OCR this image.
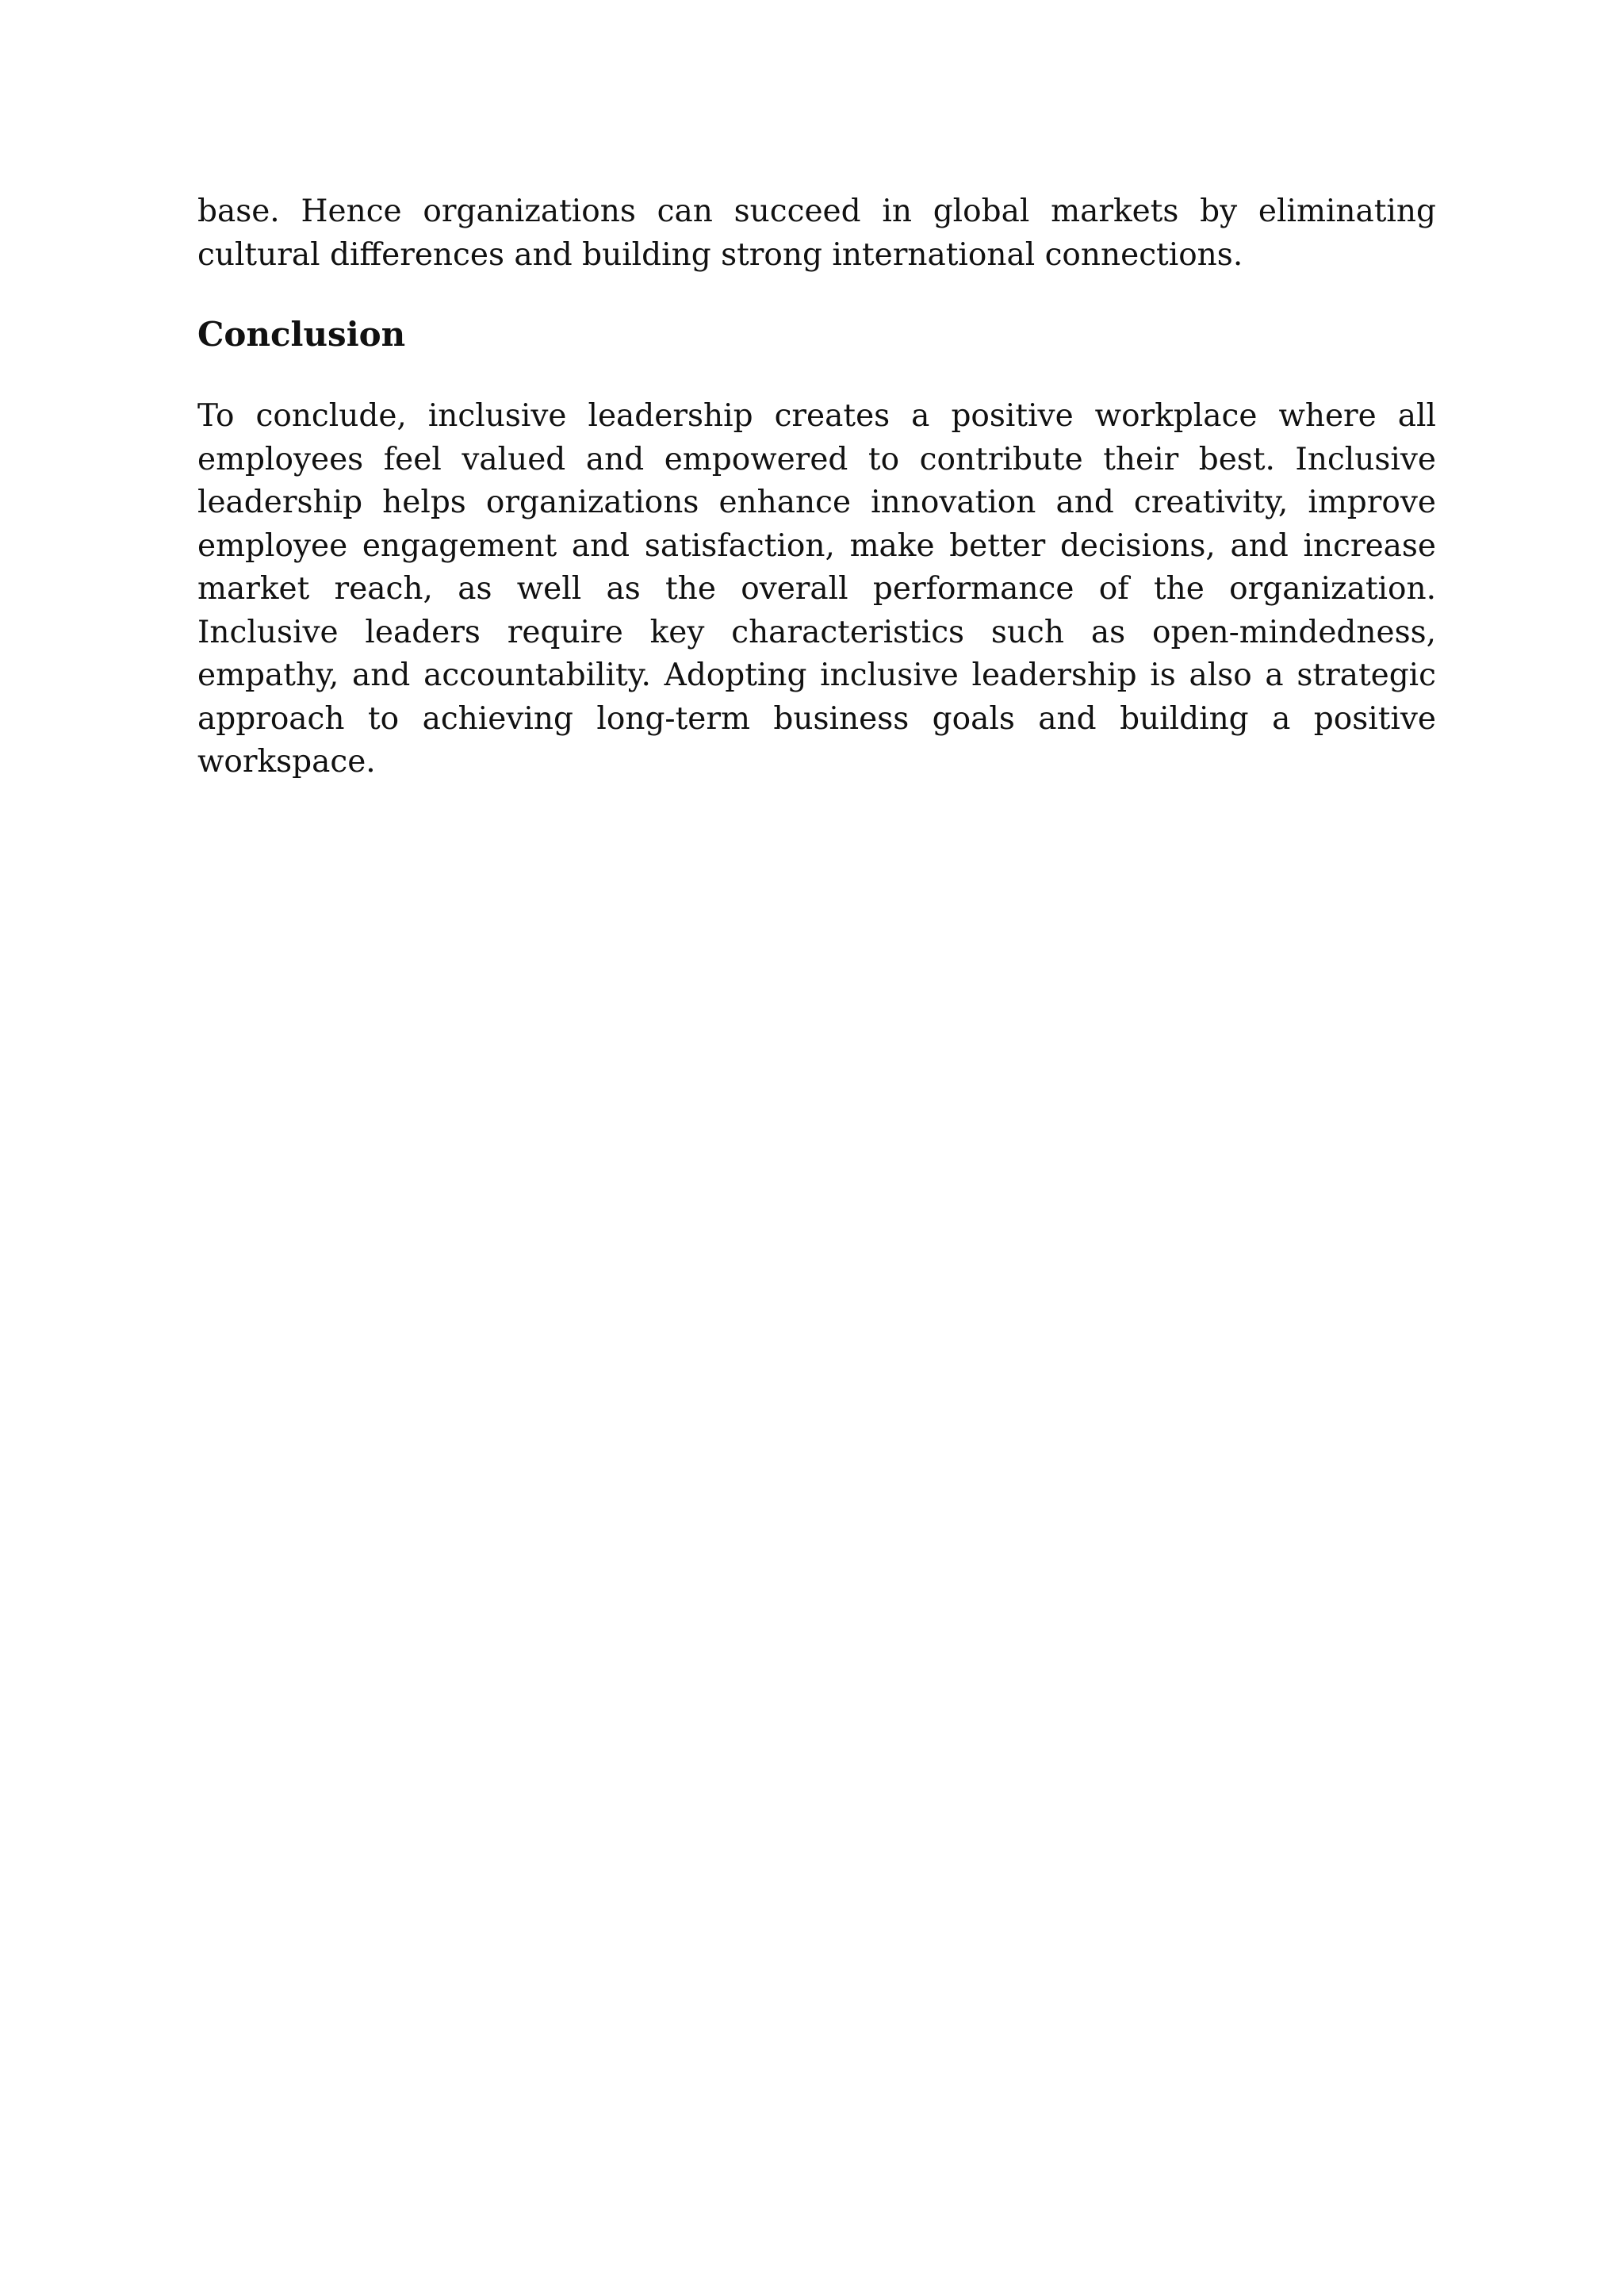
base. Hence organizations can succeed in global markets by eliminating cultural differences and building strong international connections.

Conclusion

To conclude, inclusive leadership creates a positive workplace where all employees feel valued and empowered to contribute their best. Inclusive leadership helps organizations enhance innovation and creativity, improve employee engagement and satisfaction, make better decisions, and increase market reach, as well as the overall performance of the organization. Inclusive leaders require key characteristics such as open-mindedness, empathy, and accountability. Adopting inclusive leadership is also a strategic approach to achieving long-term business goals and building a positive workspace.
